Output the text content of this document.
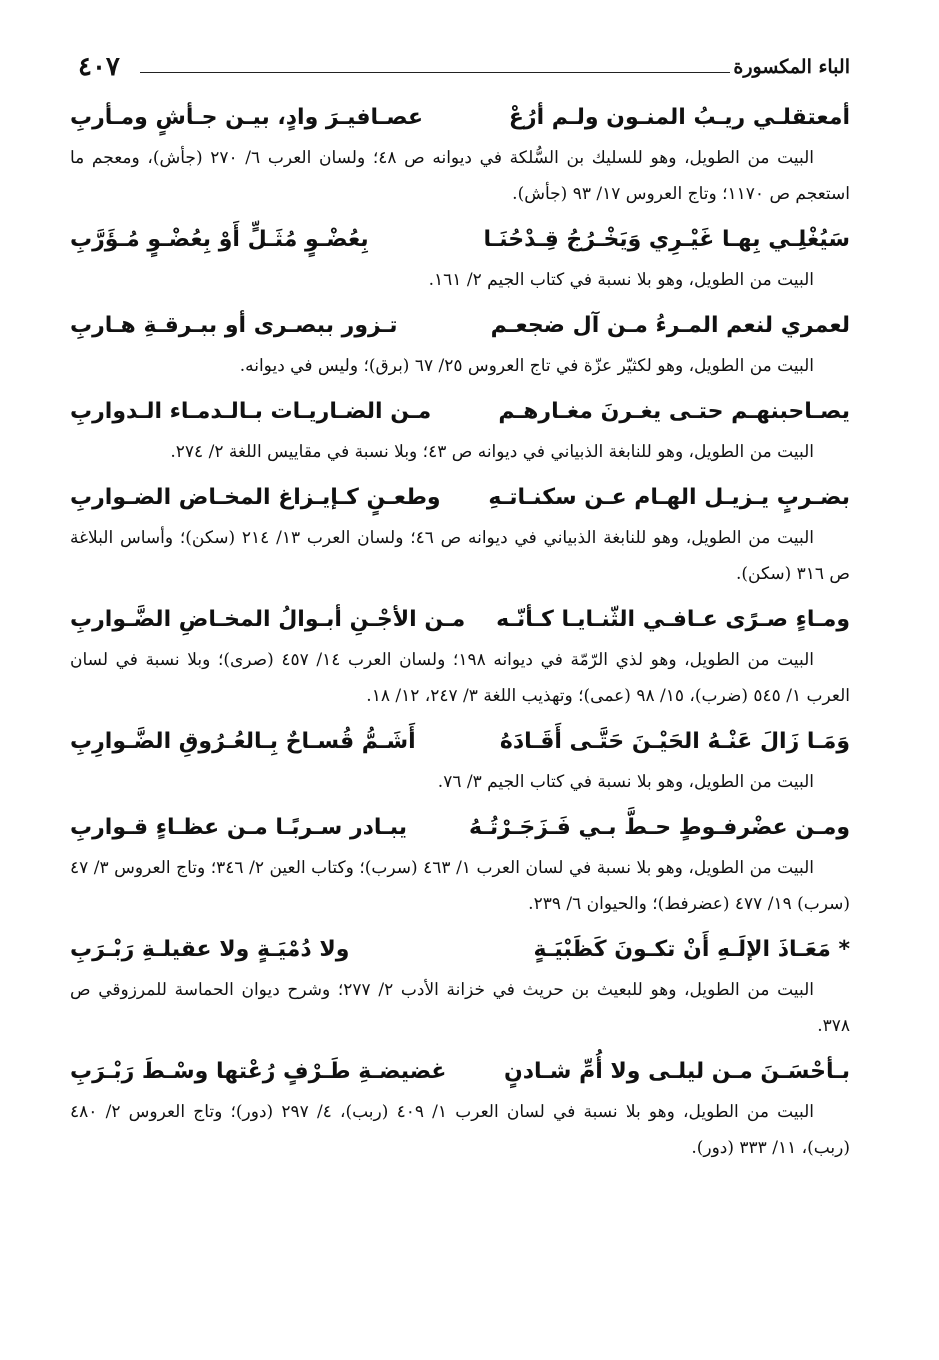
٤٠٧	الباء المكسورة
أمعتقلـي ريـبُ المنـون ولـم أرُعْ
عصـافيـرَ وادٍ، بيـن جـأشٍ ومـأربِ

البيت من الطويل، وهو للسليك بن السُّلكة في ديوانه ص ٤٨؛ ولسان العرب ٦/ ٢٧٠ (جأش)، ومعجم ما استعجم ص ١١٧٠؛ وتاج العروس ١٧/ ٩٣ (جأش).

سَيُغْلِـي بِهـا غَيْـرِي وَيَخْـرُجُ قِـدْحُنَـا
بِعُضْـوٍ مُثَـلٍّ أَوْ بِعُضْـوٍ مُـؤَرَّبِ

البيت من الطويل، وهو بلا نسبة في كتاب الجيم ٢/ ١٦١.

لعمري لنعم المـرءُ مـن آل ضجعـم
تـزور ببصـرى أو ببـرقـةِ هـاربِ

البيت من الطويل، وهو لكثيّر عزّة في تاج العروس ٢٥/ ٦٧ (برق)؛ وليس في ديوانه.

يصـاحبنهـم حتـى يغـرنَ مغـارهـم
مـن الضـاريـات بـالـدمـاء الـدواربِ

البيت من الطويل، وهو للنابغة الذبياني في ديوانه ص ٤٣؛ وبلا نسبة في مقاييس اللغة ٢/ ٢٧٤.

بضـربٍ يـزيـل الهـام عـن سكنـاتـهِ
وطعـنٍ كـإيـزاغ المخـاض الضـواربِ

البيت من الطويل، وهو للنابغة الذبياني في ديوانه ص ٤٦؛ ولسان العرب ١٣/ ٢١٤ (سكن)؛ وأساس البلاغة ص ٣١٦ (سكن).

ومـاءٍ صـرًى عـافـي الثّنـايـا كـأنّـه
مـن الأجْـنِ أبـوالُ المخـاضِ الضَّـواربِ

البيت من الطويل، وهو لذي الرّمّة في ديوانه ١٩٨؛ ولسان العرب ١٤/ ٤٥٧ (صرى)؛ وبلا نسبة في لسان العرب ١/ ٥٤٥ (ضرب)، ١٥/ ٩٨ (عمى)؛ وتهذيب اللغة ٣/ ٢٤٧، ١٢/ ١٨.

وَمَـا زَالَ عَنْـهُ الحَيْـنَ حَتَّـى أَقَـادَهُ
أَشَـمُّ قُسـاحٌ بِـالعُـرُوقِ الضَّـوارِبِ

البيت من الطويل، وهو بلا نسبة في كتاب الجيم ٣/ ٧٦.

ومـن عضْرفـوطٍ حـطَّ بـي فَـزَجَـرْتُـهُ
يبـادر سـربًـا مـن عظـاءٍ قـواربِ

البيت من الطويل، وهو بلا نسبة في لسان العرب ١/ ٤٦٣ (سرب)؛ وكتاب العين ٢/ ٣٤٦؛ وتاج العروس ٣/ ٤٧ (سرب) ١٩/ ٤٧٧ (عضرفط)؛ والحيوان ٦/ ٢٣٩.

* مَعَـاذَ الإلَـهِ أَنْ تكـونَ كَظَبْيَـةٍ
ولا دُمْيَـةٍ ولا عقيلـةِ رَبْـرَبِ

البيت من الطويل، وهو للبعيث بن حريث في خزانة الأدب ٢/ ٢٧٧؛ وشرح ديوان الحماسة للمرزوقي ص ٣٧٨.

بـأحْسَـنَ مـن ليلـى ولا أُمِّ شـادنٍ
غضيضـةِ طَـرْفٍ رُعْتها وسْـطَ رَبْـرَبِ

البيت من الطويل، وهو بلا نسبة في لسان العرب ١/ ٤٠٩ (ربب)، ٤/ ٢٩٧ (دور)؛ وتاج العروس ٢/ ٤٨٠ (ربب)، ١١/ ٣٣٣ (دور).
